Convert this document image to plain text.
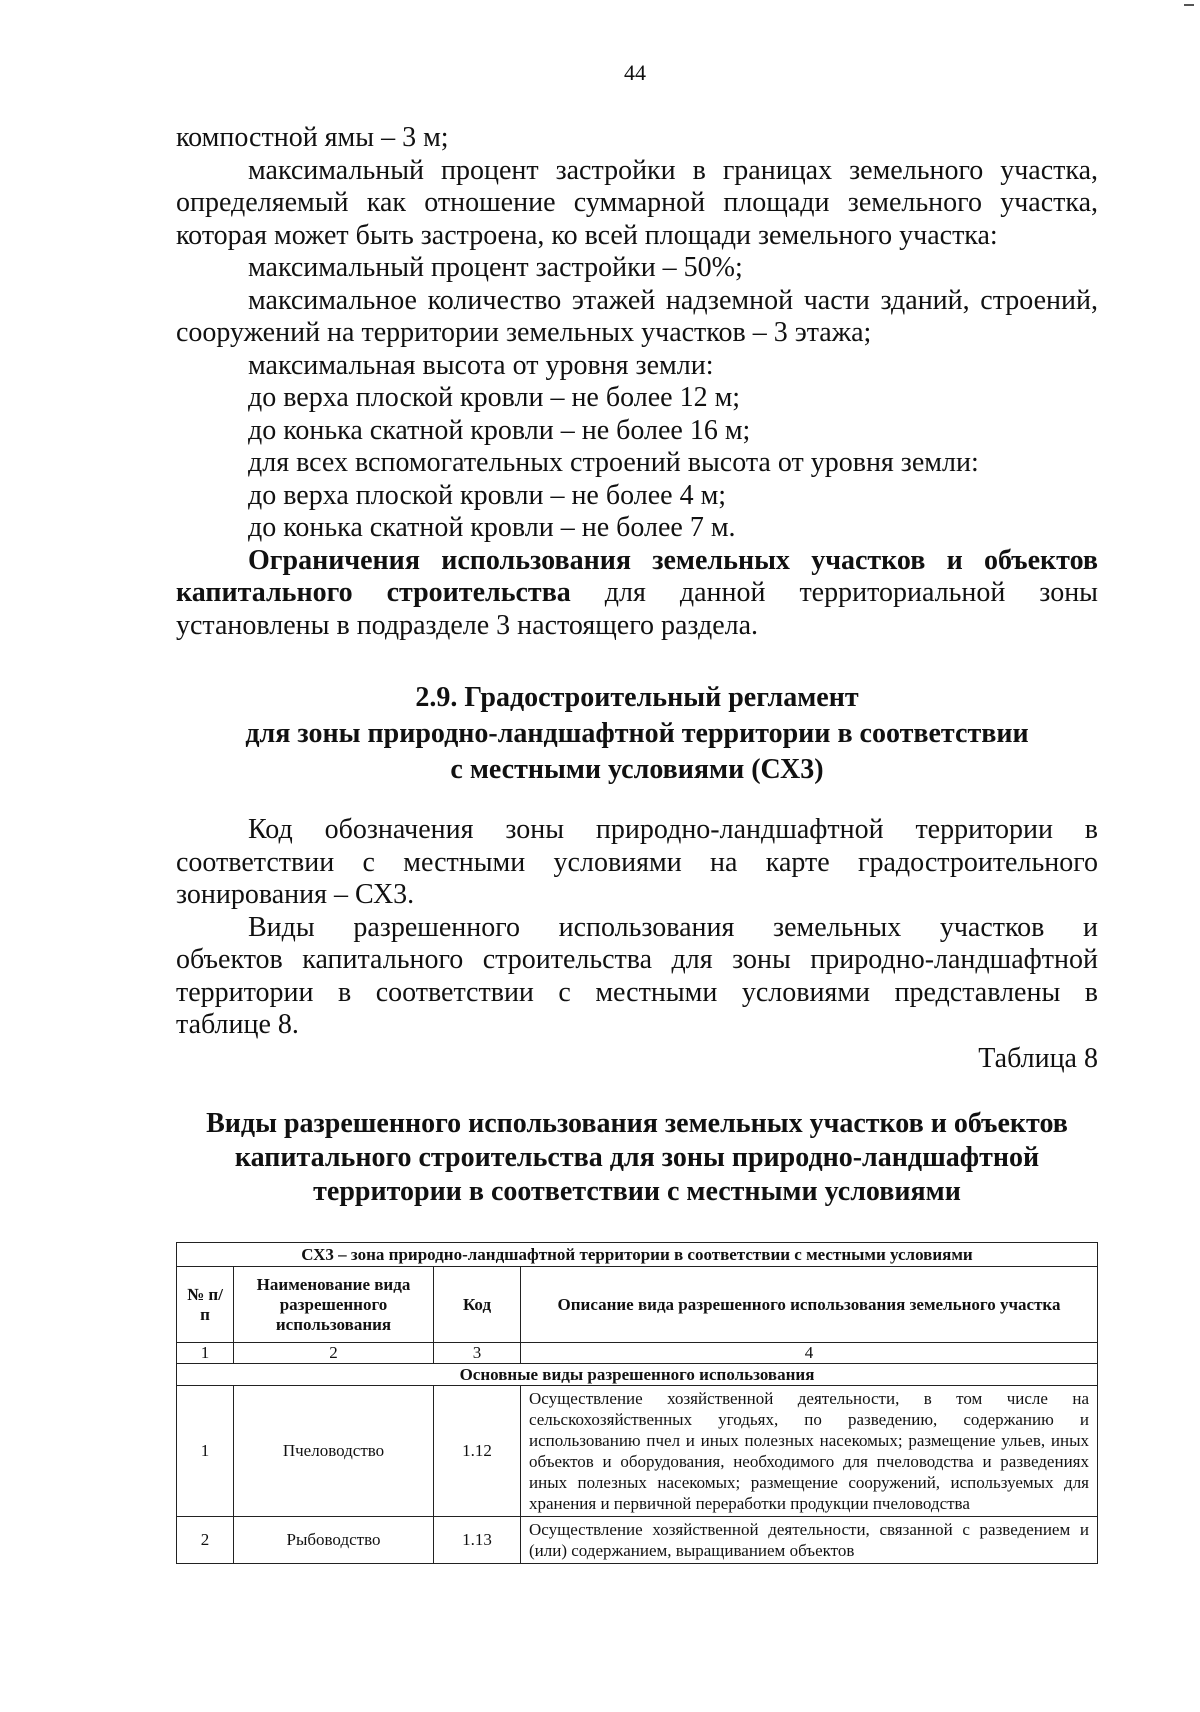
44

компостной ямы – 3 м;

максимальный процент застройки в границах земельного участка,

определяемый как отношение суммарной площади земельного участка,

которая может быть застроена, ко всей площади земельного участка:

максимальный процент застройки – 50%;

максимальное количество этажей надземной части зданий, строений,

сооружений на территории земельных участков – 3 этажа;

максимальная высота от уровня земли:

до верха плоской кровли – не более 12 м;

до конька скатной кровли – не более 16 м;

для всех вспомогательных строений высота от уровня земли:

до верха плоской кровли – не более 4 м;

до конька скатной кровли – не более 7 м.

Ограничения использования земельных участков и объектов

капитального строительства для данной территориальной зоны

установлены в подразделе 3 настоящего раздела.

2.9. Градостроительный регламент
для зоны природно-ландшафтной территории в соответствии
с местными условиями (СХ3)

Код обозначения зоны природно-ландшафтной территории в

соответствии с местными условиями на карте градостроительного

зонирования – СХ3.

Виды разрешенного использования земельных участков и

объектов капитального строительства для зоны природно-ландшафтной

территории в соответствии с местными условиями представлены в

таблице 8.

Таблица 8
Виды разрешенного использования земельных участков и объектов
капитального строительства для зоны природно-ландшафтной
территории в соответствии с местными условиями
СХ3 – зона природно-ландшафтной территории в соответствии с местными условиями			
№ п/п	Наименование вида разрешенного использования	Код	Описание вида разрешенного использования земельного участка
1	2	3	4
Основные виды разрешенного использования			
1	Пчеловодство	1.12	Осуществление хозяйственной деятельности, в том числе на сельскохозяйственных угодьях, по разведению, содержанию и использованию пчел и иных полезных насекомых; размещение ульев, иных объектов и оборудования, необходимого для пчеловодства и разведениях иных полезных насекомых; размещение сооружений, используемых для хранения и первичной переработки продукции пчеловодства
2	Рыбоводство	1.13	Осуществление хозяйственной деятельности, связанной с разведением и (или) содержанием, выращиванием объектов
